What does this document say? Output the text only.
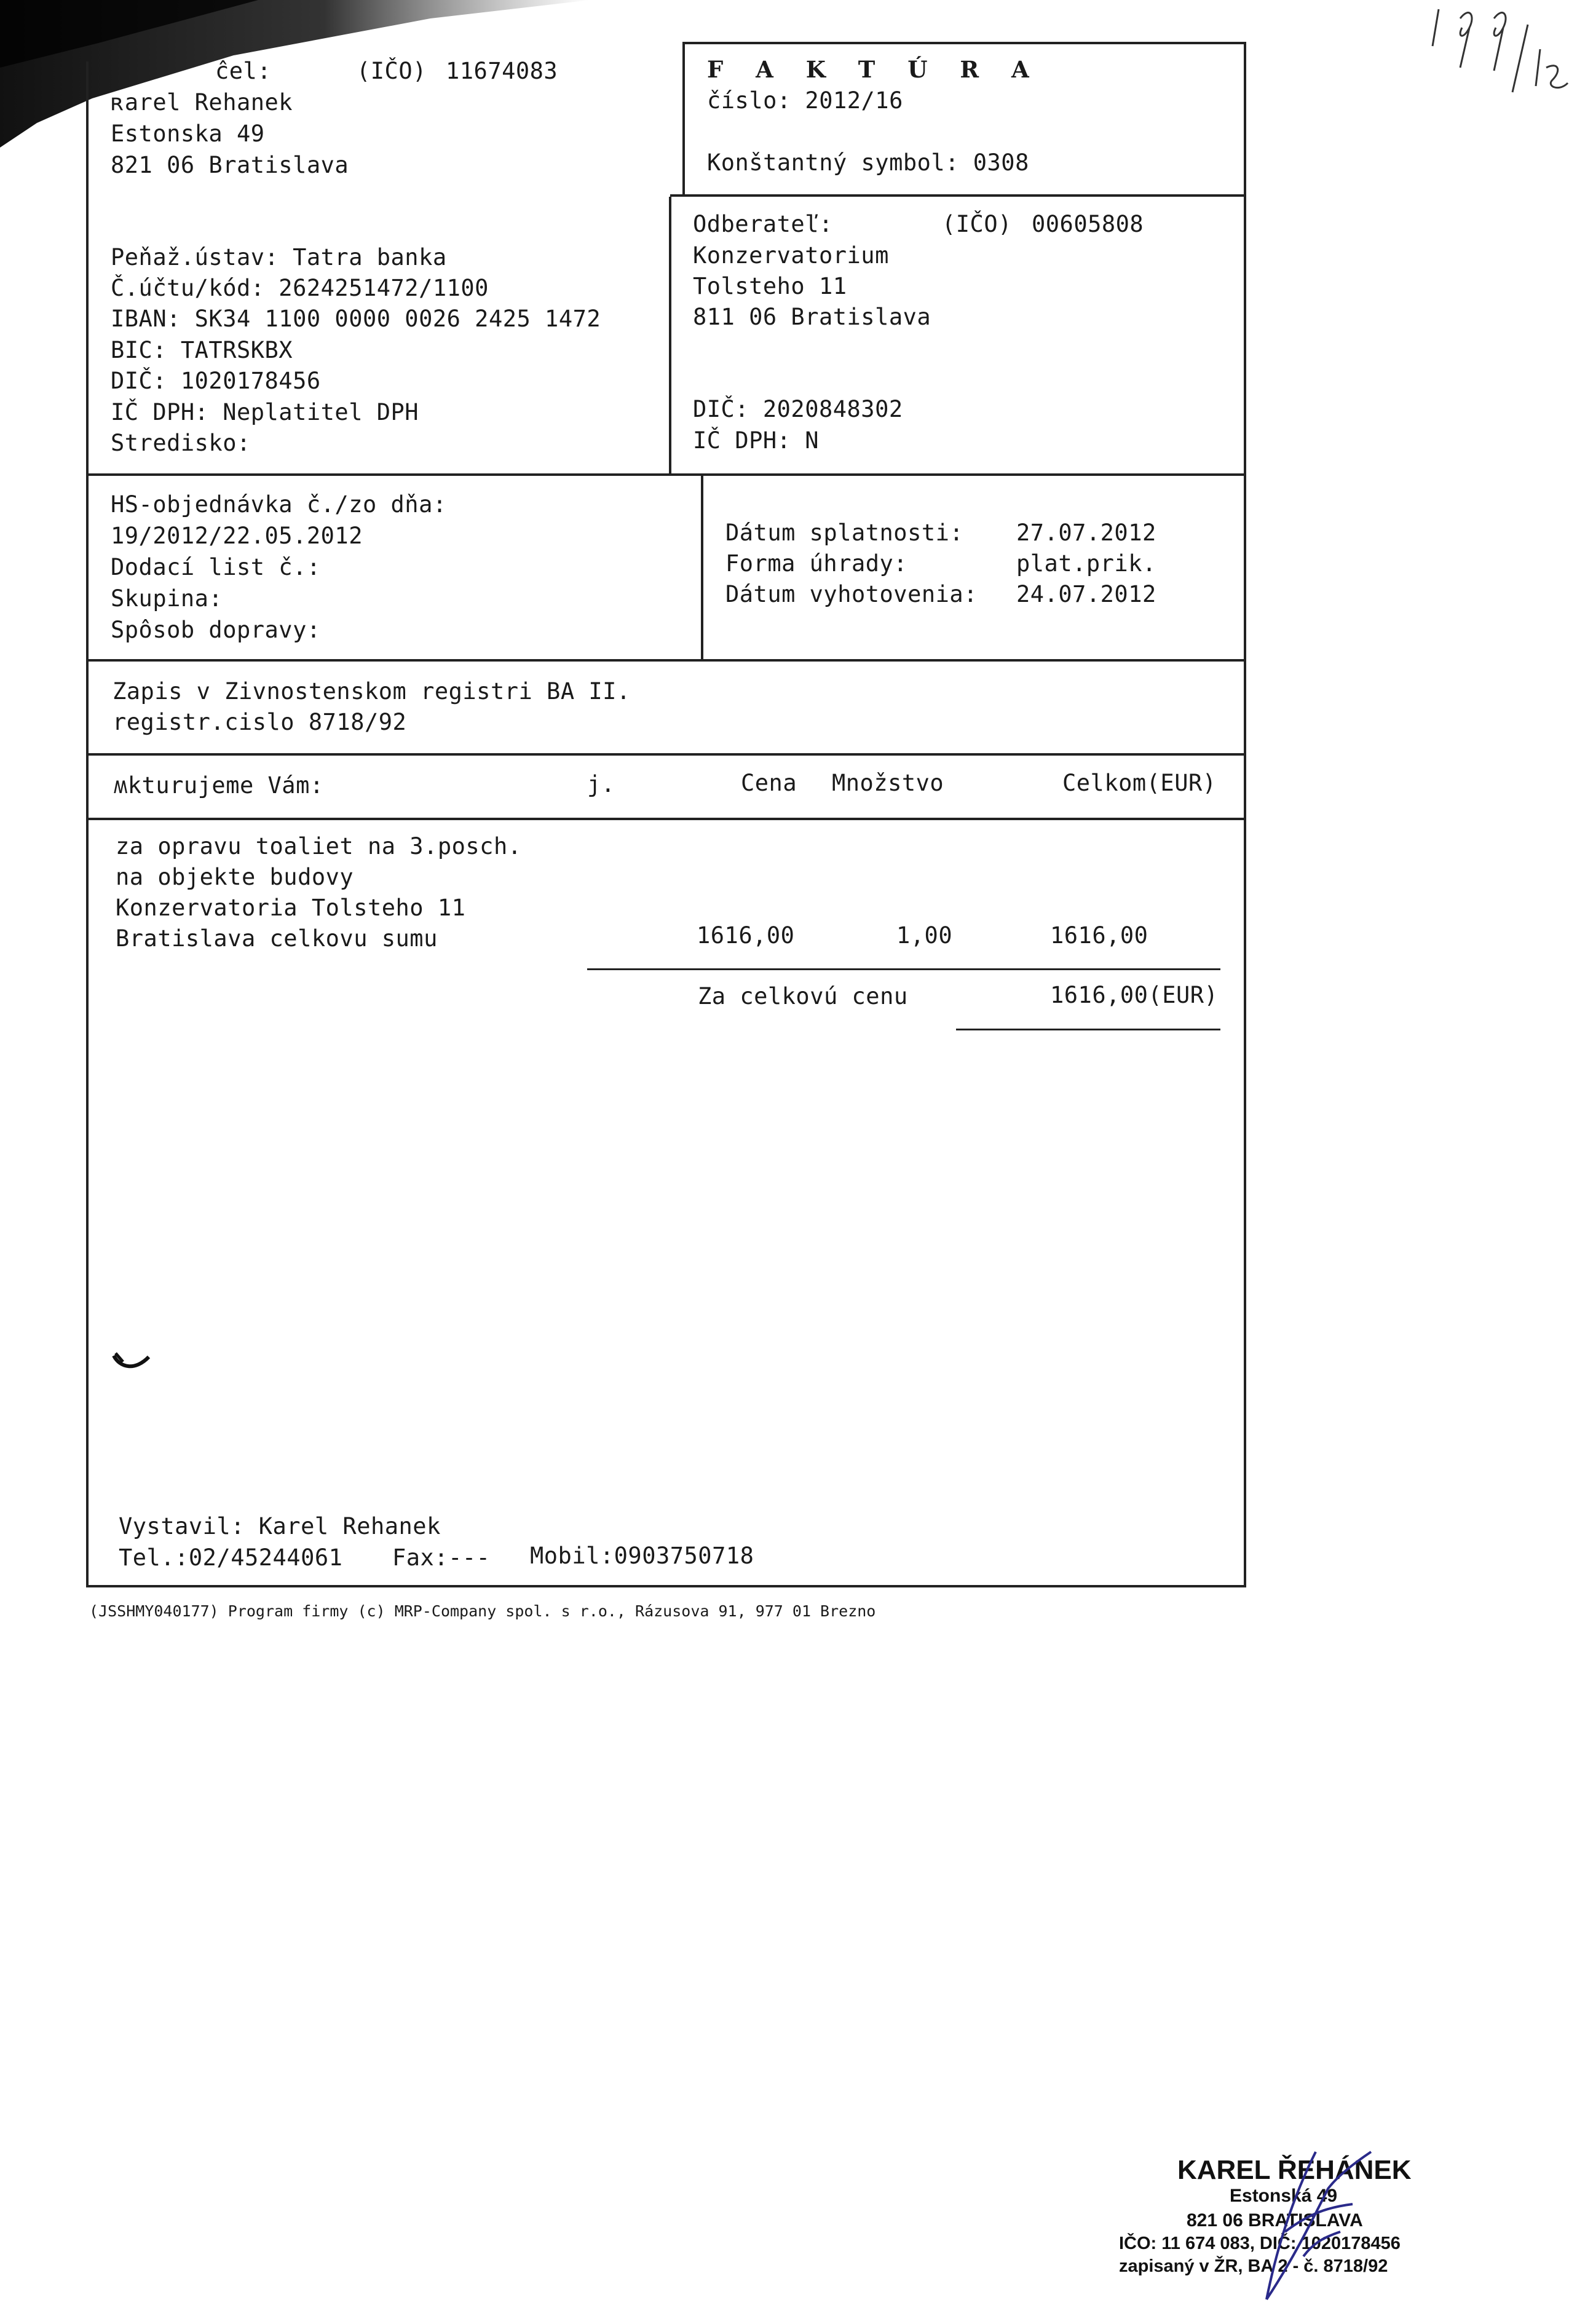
ĉel:	(IČO) 11674083
ʀarel Rehanek
Estonska 49
821 06 Bratislava
F A K T Ú R A
číslo: 2012/16
Konštantný symbol: 0308
Peňaž.ústav: Tatra banka
Č.účtu/kód: 2624251472/1100
IBAN: SK34 1100 0000 0026 2425 1472
BIC: TATRSKBX
DIČ: 1020178456
IČ DPH: Neplatitel DPH
Stredisko:
Odberateľ:	(IČO) 00605808
Konzervatorium
Tolsteho 11
811 06 Bratislava
DIČ: 2020848302
IČ DPH: N
HS-objednávka č./zo dňa:
19/2012/22.05.2012
Dodací list č.:
Skupina:
Spôsob dopravy:
Dátum splatnosti: 27.07.2012
Forma úhrady:	plat.prik.
Dátum vyhotovenia: 24.07.2012
Zapis v Zivnostenskom registri BA II.
registr.cislo 8718/92
ʍkturujeme Vám:	j.	Cena Množstvo	Celkom(EUR)
za opravu toaliet na 3.posch.
na objekte budovy
Konzervatoria Tolsteho 11
Bratislava celkovu sumu	1616,00	1,00	1616,00
Za celkovú cenu	1616,00(EUR)
Vystavil: Karel Rehanek
Tel.:02/45244061 Fax:--- Mobil:0903750718
(JSSHMY040177) Program firmy (c) MRP-Company spol. s r.o., Rázusova 91, 977 01 Brezno
KAREL ŘEHÁNEK
Estonská 49
821 06 BRATISLAVA
IČO: 11 674 083, DIČ: 1020178456
zapisaný v ŽR, BA 2 - č. 8718/92
